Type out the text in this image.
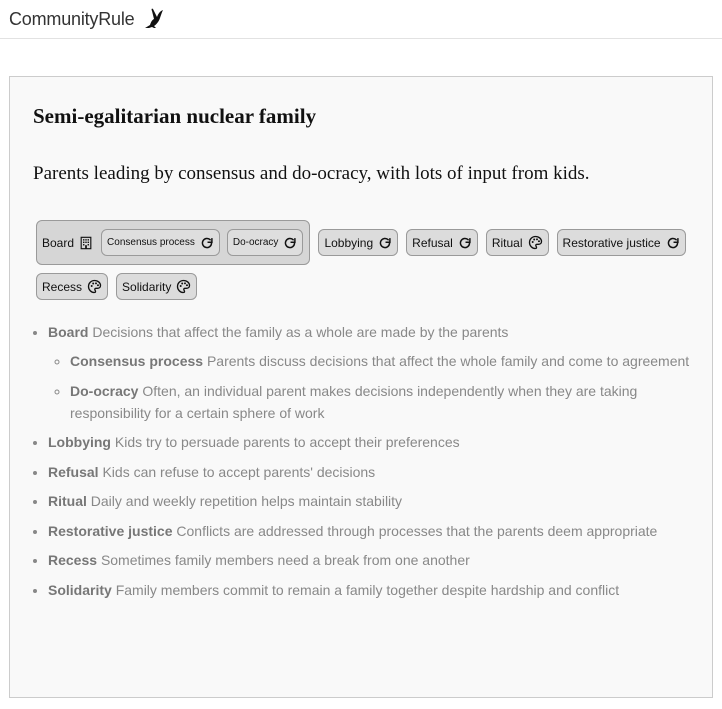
CommunityRule
Semi-egalitarian nuclear family

Parents leading by consensus and do-ocracy, with lots of input from kids.

Board	Consensus process	Do-ocracy	Lobbying	Refusal	Ritual	Restorative justice
Recess	Solidarity
• Board Decisions that affect the family as a whole are made by the parents
◦ Consensus process Parents discuss decisions that affect the whole family and come to agreement
◦ Do-ocracy Often, an individual parent makes decisions independently when they are taking responsibility for a certain sphere of work
• Lobbying Kids try to persuade parents to accept their preferences
• Refusal Kids can refuse to accept parents' decisions
• Ritual Daily and weekly repetition helps maintain stability
• Restorative justice Conflicts are addressed through processes that the parents deem appropriate
• Recess Sometimes family members need a break from one another
• Solidarity Family members commit to remain a family together despite hardship and conflict
